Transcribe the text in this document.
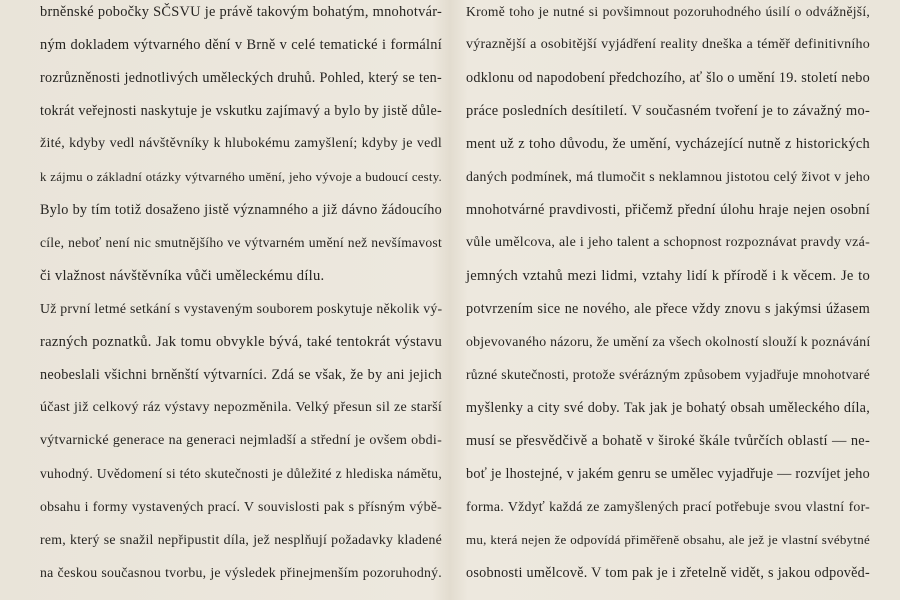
brněnské pobočky SČSVU je právě takovým bohatým, mnohotvár-
ným dokladem výtvarného dění v Brně v celé tematické i formální
rozrůzněnosti jednotlivých uměleckých druhů. Pohled, který se ten-
tokrát veřejnosti naskytuje je vskutku zajímavý a bylo by jistě důle-
žité, kdyby vedl návštěvníky k hlubokému zamyšlení; kdyby je vedl
k zájmu o základní otázky výtvarného umění, jeho vývoje a budoucí cesty.
Bylo by tím totiž dosaženo jistě významného a již dávno žádoucího
cíle, neboť není nic smutnějšího ve výtvarném umění než nevšímavost
či vlažnost návštěvníka vůči uměleckému dílu.
Už první letmé setkání s vystaveným souborem poskytuje několik vý-
razných poznatků. Jak tomu obvykle bývá, také tentokrát výstavu
neobeslali všichni brněnští výtvarníci. Zdá se však, že by ani jejich
účast již celkový ráz výstavy nepozměnila. Velký přesun sil ze starší
výtvarnické generace na generaci nejmladší a střední je ovšem obdi-
vuhodný. Uvědomení si této skutečnosti je důležité z hlediska námětu,
obsahu i formy vystavených prací. V souvislosti pak s přísným výbě-
rem, který se snažil nepřipustit díla, jež nesplňují požadavky kladené
na českou současnou tvorbu, je výsledek přinejmenším pozoruhodný.
Kromě toho je nutné si povšimnout pozoruhodného úsilí o odvážnější,
výraznější a osobitější vyjádření reality dneška a téměř definitivního
odklonu od napodobení předchozího, ať šlo o umění 19. století nebo
práce posledních desítiletí. V současném tvoření je to závažný mo-
ment už z toho důvodu, že umění, vycházející nutně z historických
daných podmínek, má tlumočit s neklamnou jistotou celý život v jeho
mnohotvárné pravdivosti, přičemž přední úlohu hraje nejen osobní
vůle umělcova, ale i jeho talent a schopnost rozpoznávat pravdy vzá-
jemných vztahů mezi lidmi, vztahy lidí k přírodě i k věcem. Je to
potvrzením sice ne nového, ale přece vždy znovu s jakýmsi úžasem
objevovaného názoru, že umění za všech okolností slouží k poznávání
různé skutečnosti, protože svérázným způsobem vyjadřuje mnohotvaré
myšlenky a city své doby. Tak jak je bohatý obsah uměleckého díla,
musí se přesvědčivě a bohatě v široké škále tvůrčích oblastí — ne-
boť je lhostejné, v jakém genru se umělec vyjadřuje — rozvíjet jeho
forma. Vždyť každá ze zamyšlených prací potřebuje svou vlastní for-
mu, která nejen že odpovídá přiměřeně obsahu, ale jež je vlastní svébytné
osobnosti umělcově. V tom pak je i zřetelně vidět, s jakou odpověd-
